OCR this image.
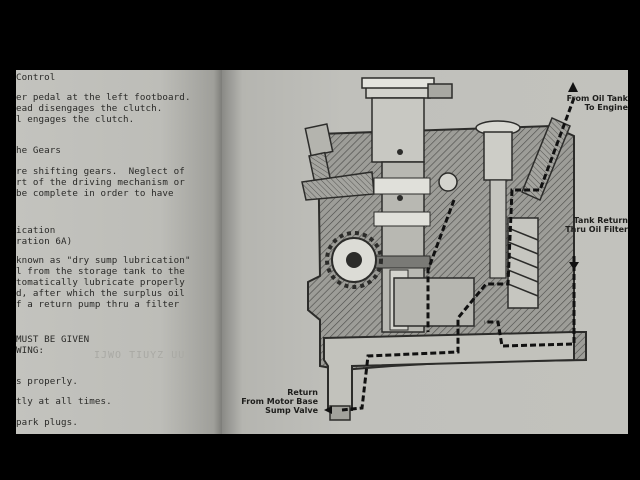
Control
er pedal at the left footboard.
ead disengages the clutch.
l engages the clutch.
he Gears
re shifting gears.  Neglect of
rt of the driving mechanism or
be complete in order to have
ication
ration 6A)
known as "dry sump lubrication"
l from the storage tank to the
tomatically lubricate properly
d, after which the surplus oil
f a return pump thru a filter
MUST BE GIVEN
WING:
s properly.
tly at all times.
park plugs.
IJWO TIUYZ UU
From Oil Tank
To Engine
Tank Return
Thru Oil Filter
Return
From Motor Base
Sump Valve
